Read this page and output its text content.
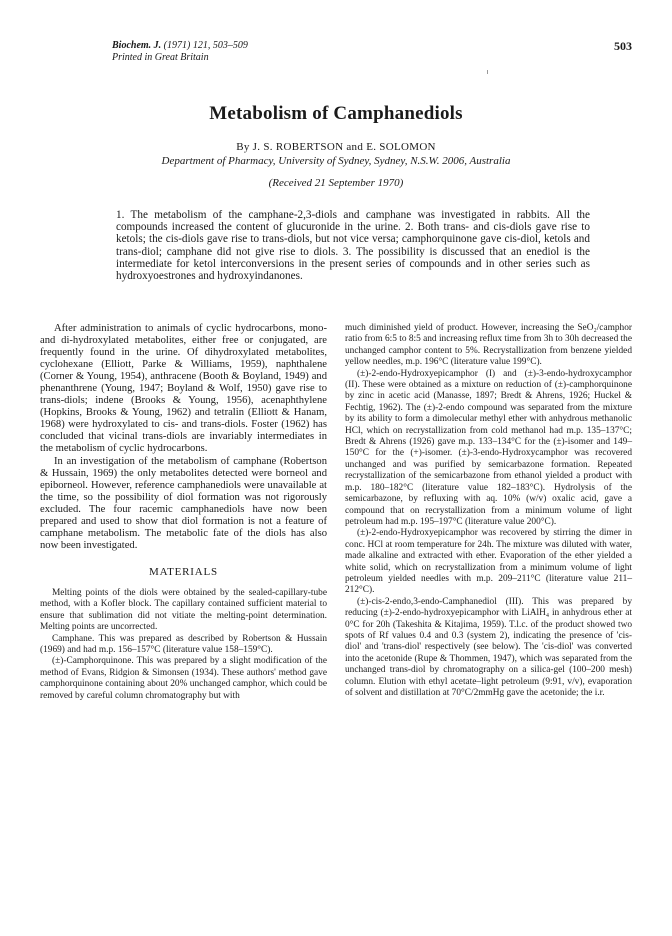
Biochem. J. (1971) 121, 503–509
Printed in Great Britain
503
Metabolism of Camphanediols
By J. S. ROBERTSON and E. SOLOMON
Department of Pharmacy, University of Sydney, Sydney, N.S.W. 2006, Australia
(Received 21 September 1970)
1. The metabolism of the camphane-2,3-diols and camphane was investigated in rabbits. All the compounds increased the content of glucuronide in the urine. 2. Both trans- and cis-diols gave rise to ketols; the cis-diols gave rise to trans-diols, but not vice versa; camphorquinone gave cis-diol, ketols and trans-diol; camphane did not give rise to diols. 3. The possibility is discussed that an enediol is the intermediate for ketol interconversions in the present series of compounds and in other series such as hydroxyoestrones and hydroxyindanones.

After administration to animals of cyclic hydrocarbons, mono- and di-hydroxylated metabolites, either free or conjugated, are frequently found in the urine. Of dihydroxylated metabolites, cyclohexane (Elliott, Parke & Williams, 1959), naphthalene (Corner & Young, 1954), anthracene (Booth & Boyland, 1949) and phenanthrene (Young, 1947; Boyland & Wolf, 1950) gave rise to trans-diols; indene (Brooks & Young, 1956), acenaphthylene (Hopkins, Brooks & Young, 1962) and tetralin (Elliott & Hanam, 1968) were hydroxylated to cis- and trans-diols. Foster (1962) has concluded that vicinal trans-diols are invariably intermediates in the metabolism of cyclic hydrocarbons.

In an investigation of the metabolism of camphane (Robertson & Hussain, 1969) the only metabolites detected were borneol and epiborneol. However, reference camphanediols were unavailable at the time, so the possibility of diol formation was not rigorously excluded. The four racemic camphanediols have now been prepared and used to show that diol formation is not a feature of camphane metabolism. The metabolic fate of the diols has also now been investigated.

MATERIALS

Melting points of the diols were obtained by the sealed-capillary-tube method, with a Kofler block. The capillary contained sufficient material to ensure that sublimation did not vitiate the melting-point determination. Melting points are uncorrected.

Camphane. This was prepared as described by Robertson & Hussain (1969) and had m.p. 156–157°C (literature value 158–159°C).

(±)-Camphorquinone. This was prepared by a slight modification of the method of Evans, Ridgion & Simonsen (1934). These authors' method gave camphorquinone containing about 20% unchanged camphor, which could be removed by careful column chromatography but with

much diminished yield of product. However, increasing the SeO₂/camphor ratio from 6:5 to 8:5 and increasing reflux time from 3h to 30h decreased the unchanged camphor content to 5%. Recrystallization from benzene yielded yellow needles, m.p. 196°C (literature value 199°C).

(±)-2-endo-Hydroxyepicamphor (I) and (±)-3-endo-hydroxycamphor (II). These were obtained as a mixture on reduction of (±)-camphorquinone by zinc in acetic acid (Manasse, 1897; Bredt & Ahrens, 1926; Huckel & Fechtig, 1962). The (±)-2-endo compound was separated from the mixture by its ability to form a dimolecular methyl ether with anhydrous methanolic HCl, which on recrystallization from cold methanol had m.p. 135–137°C; Bredt & Ahrens (1926) gave m.p. 133–134°C for the (±)-isomer and 149–150°C for the (+)-isomer. (±)-3-endo-Hydroxycamphor was recovered unchanged and was purified by semicarbazone formation. Repeated recrystallization of the semicarbazone from ethanol yielded a product with m.p. 180–182°C (literature value 182–183°C). Hydrolysis of the semicarbazone, by refluxing with aq. 10% (w/v) oxalic acid, gave a compound that on recrystallization from a minimum volume of light petroleum had m.p. 195–197°C (literature value 200°C).

(±)-2-endo-Hydroxyepicamphor was recovered by stirring the dimer in conc. HCl at room temperature for 24h. The mixture was diluted with water, made alkaline and extracted with ether. Evaporation of the ether yielded a white solid, which on recrystallization from a minimum volume of light petroleum yielded needles with m.p. 209–211°C (literature value 211–212°C).

(±)-cis-2-endo,3-endo-Camphanediol (III). This was prepared by reducing (±)-2-endo-hydroxyepicamphor with LiAlH₄ in anhydrous ether at 0°C for 20h (Takeshita & Kitajima, 1959). T.l.c. of the product showed two spots of Rf values 0.4 and 0.3 (system 2), indicating the presence of 'cis-diol' and 'trans-diol' respectively (see below). The 'cis-diol' was converted into the acetonide (Rupe & Thommen, 1947), which was separated from the unchanged trans-diol by chromatography on a silica-gel (100–200 mesh) column. Elution with ethyl acetate–light petroleum (9:91, v/v), evaporation of solvent and distillation at 70°C/2mmHg gave the acetonide; the i.r.
